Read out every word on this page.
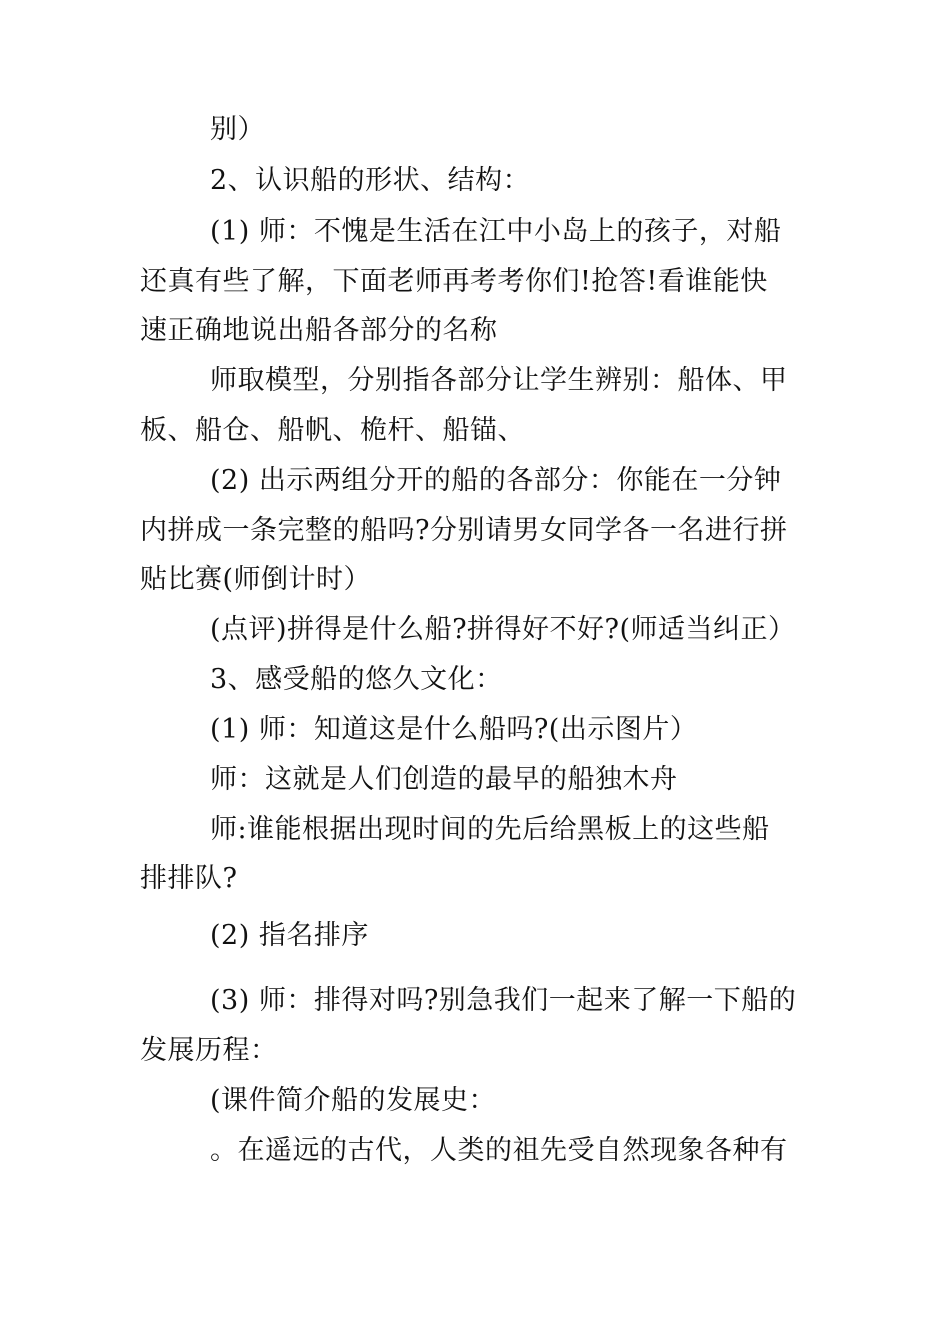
别）
2、认识船的形状、结构：
(1) 师：不愧是生活在江中小岛上的孩子，对船
还真有些了解，下面老师再考考你们!抢答!看谁能快
速正确地说出船各部分的名称
师取模型，分别指各部分让学生辨别：船体、甲
板、船仓、船帆、桅杆、船锚、
(2) 出示两组分开的船的各部分：你能在一分钟
内拼成一条完整的船吗?分别请男女同学各一名进行拼
贴比赛(师倒计时）
(点评)拼得是什么船?拼得好不好?(师适当纠正）
3、感受船的悠久文化：
(1) 师：知道这是什么船吗?(出示图片）
师：这就是人们创造的最早的船独木舟
师:谁能根据出现时间的先后给黑板上的这些船
排排队?
(2) 指名排序
(3) 师：排得对吗?别急我们一起来了解一下船的
发展历程：
(课件简介船的发展史：
。在遥远的古代，人类的祖先受自然现象各种有
